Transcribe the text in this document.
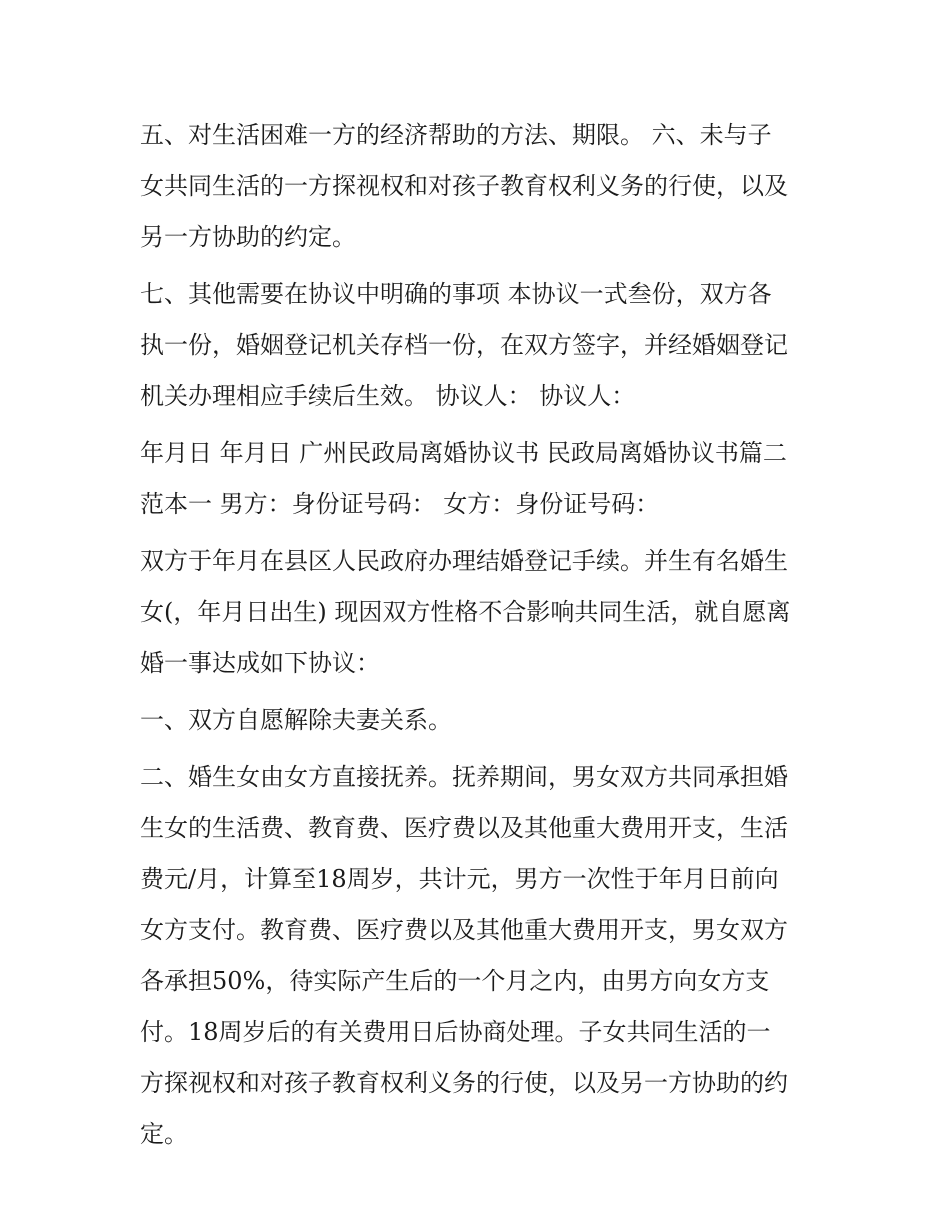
五、对生活困难一方的经济帮助的方法、期限。 六、未与子
女共同生活的一方探视权和对孩子教育权利义务的行使，以及
另一方协助的约定。
七、其他需要在协议中明确的事项 本协议一式叁份，双方各
执一份，婚姻登记机关存档一份，在双方签字，并经婚姻登记
机关办理相应手续后生效。 协议人： 协议人：
年月日 年月日 广州民政局离婚协议书 民政局离婚协议书篇二
范本一 男方：身份证号码： 女方：身份证号码：
双方于年月在县区人民政府办理结婚登记手续。并生有名婚生
女(，年月日出生) 现因双方性格不合影响共同生活，就自愿离
婚一事达成如下协议：
一、双方自愿解除夫妻关系。
二、婚生女由女方直接抚养。抚养期间，男女双方共同承担婚
生女的生活费、教育费、医疗费以及其他重大费用开支，生活
费元/月，计算至18周岁，共计元，男方一次性于年月日前向
女方支付。教育费、医疗费以及其他重大费用开支，男女双方
各承担50%，待实际产生后的一个月之内，由男方向女方支
付。18周岁后的有关费用日后协商处理。子女共同生活的一
方探视权和对孩子教育权利义务的行使，以及另一方协助的约
定。
